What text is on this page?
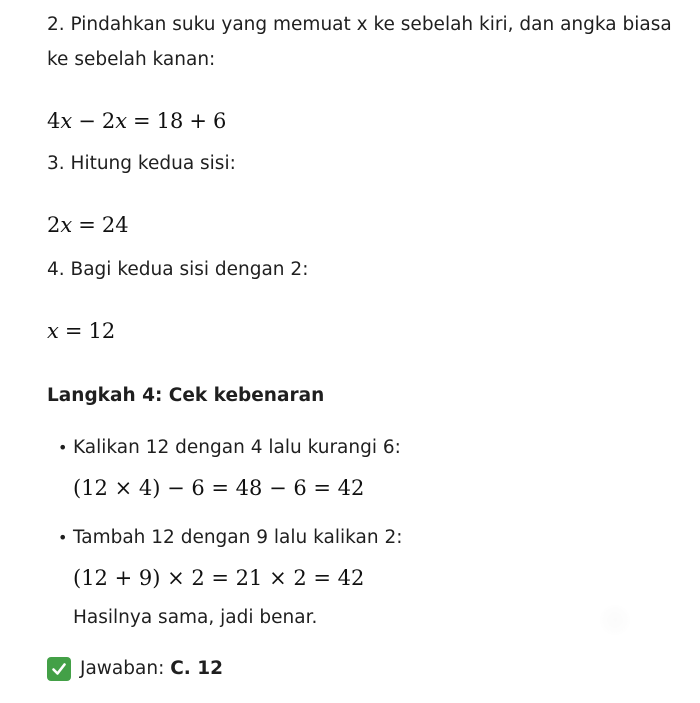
2. Pindahkan suku yang memuat x ke sebelah kiri, dan angka biasa
ke sebelah kanan:
4x − 2x = 18 + 6
3. Hitung kedua sisi:
2x = 24
4. Bagi kedua sisi dengan 2:
x = 12
Langkah 4: Cek kebenaran
• Kalikan 12 dengan 4 lalu kurangi 6:
(12 × 4) − 6 = 48 − 6 = 42
• Tambah 12 dengan 9 lalu kalikan 2:
(12 + 9) × 2 = 21 × 2 = 42
Hasilnya sama, jadi benar.
Jawaban: C. 12
